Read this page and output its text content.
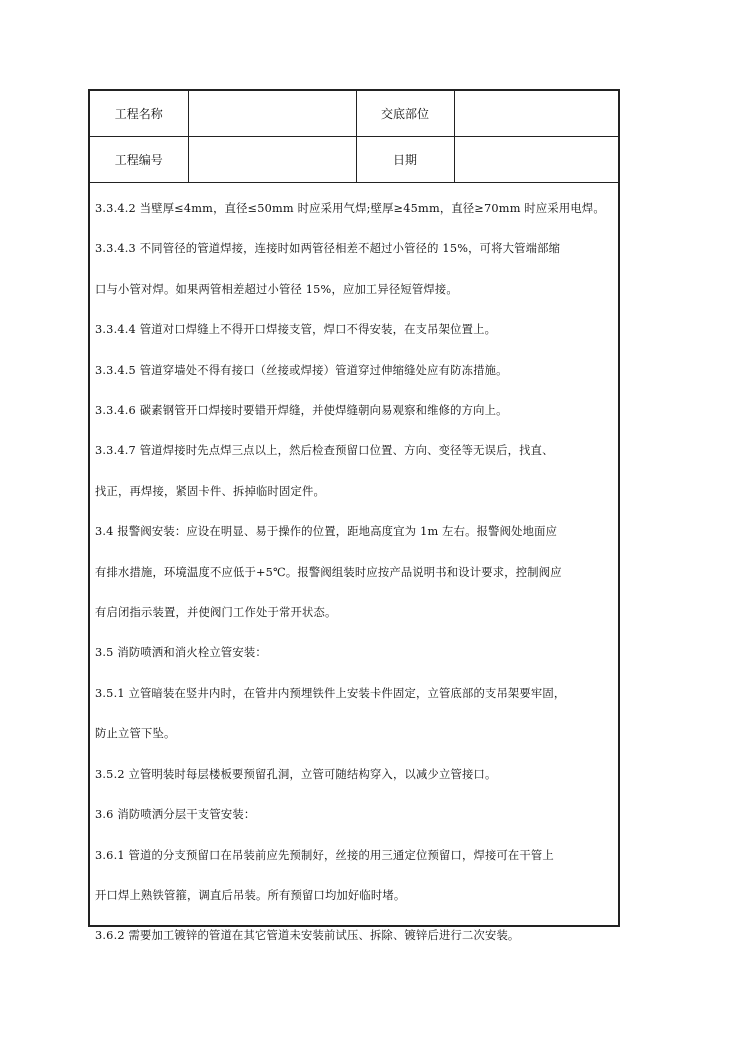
工程名称		交底部位	
工程编号		日期	

3.3.4.2 当壁厚≤4mm，直径≤50mm 时应采用气焊;壁厚≥45mm，直径≥70mm 时应采用电焊。

3.3.4.3 不同管径的管道焊接，连接时如两管径相差不超过小管径的 15%，可将大管端部缩

口与小管对焊。如果两管相差超过小管径 15%，应加工异径短管焊接。

3.3.4.4 管道对口焊缝上不得开口焊接支管，焊口不得安装，在支吊架位置上。

3.3.4.5 管道穿墙处不得有接口（丝接或焊接）管道穿过伸缩缝处应有防冻措施。

3.3.4.6 碳素钢管开口焊接时要错开焊缝，并使焊缝朝向易观察和维修的方向上。

3.3.4.7 管道焊接时先点焊三点以上，然后检查预留口位置、方向、变径等无误后，找直、

找正，再焊接，紧固卡件、拆掉临时固定件。

3.4 报警阀安装：应设在明显、易于操作的位置，距地高度宜为 1m 左右。报警阀处地面应

有排水措施，环境温度不应低于+5℃。报警阀组装时应按产品说明书和设计要求，控制阀应

有启闭指示装置，并使阀门工作处于常开状态。

3.5 消防喷洒和消火栓立管安装：

3.5.1 立管暗装在竖井内时，在管井内预埋铁件上安装卡件固定，立管底部的支吊架要牢固，

防止立管下坠。

3.5.2 立管明装时每层楼板要预留孔洞，立管可随结构穿入，以减少立管接口。

3.6 消防喷洒分层干支管安装：

3.6.1 管道的分支预留口在吊装前应先预制好，丝接的用三通定位预留口，焊接可在干管上

开口焊上熟铁管箍，调直后吊装。所有预留口均加好临时堵。

3.6.2 需要加工镀锌的管道在其它管道未安装前试压、拆除、镀锌后进行二次安装。
